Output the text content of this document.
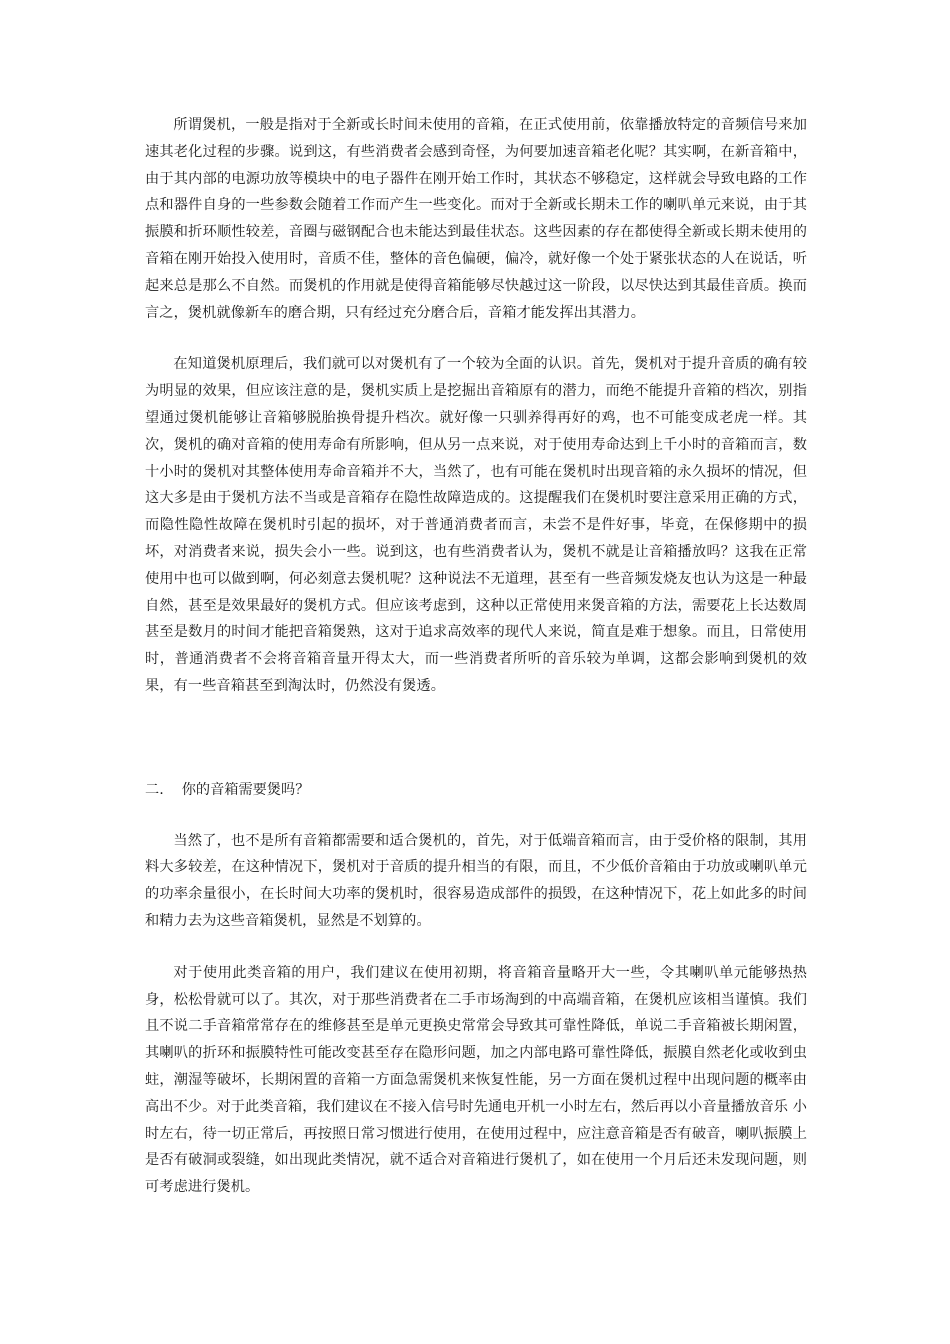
所谓煲机，一般是指对于全新或长时间未使用的音箱，在正式使用前，依靠播放特定的音频信号来加速其老化过程的步骤。说到这，有些消费者会感到奇怪，为何要加速音箱老化呢？其实啊，在新音箱中，由于其内部的电源功放等模块中的电子器件在刚开始工作时，其状态不够稳定，这样就会导致电路的工作点和器件自身的一些参数会随着工作而产生一些变化。而对于全新或长期未工作的喇叭单元来说，由于其振膜和折环顺性较差，音圈与磁钢配合也未能达到最佳状态。这些因素的存在都使得全新或长期未使用的音箱在刚开始投入使用时，音质不佳，整体的音色偏硬，偏冷，就好像一个处于紧张状态的人在说话，听起来总是那么不自然。而煲机的作用就是使得音箱能够尽快越过这一阶段，以尽快达到其最佳音质。换而言之，煲机就像新车的磨合期，只有经过充分磨合后，音箱才能发挥出其潜力。

在知道煲机原理后，我们就可以对煲机有了一个较为全面的认识。首先，煲机对于提升音质的确有较为明显的效果，但应该注意的是，煲机实质上是挖掘出音箱原有的潜力，而绝不能提升音箱的档次，别指望通过煲机能够让音箱够脱胎换骨提升档次。就好像一只驯养得再好的鸡，也不可能变成老虎一样。其次，煲机的确对音箱的使用寿命有所影响，但从另一点来说，对于使用寿命达到上千小时的音箱而言，数十小时的煲机对其整体使用寿命音箱并不大，当然了，也有可能在煲机时出现音箱的永久损坏的情况，但这大多是由于煲机方法不当或是音箱存在隐性故障造成的。这提醒我们在煲机时要注意采用正确的方式，而隐性隐性故障在煲机时引起的损坏，对于普通消费者而言，未尝不是件好事，毕竟，在保修期中的损坏，对消费者来说，损失会小一些。说到这，也有些消费者认为，煲机不就是让音箱播放吗？这我在正常使用中也可以做到啊，何必刻意去煲机呢？这种说法不无道理，甚至有一些音频发烧友也认为这是一种最自然，甚至是效果最好的煲机方式。但应该考虑到，这种以正常使用来煲音箱的方法，需要花上长达数周甚至是数月的时间才能把音箱煲熟，这对于追求高效率的现代人来说，简直是难于想象。而且，日常使用时，普通消费者不会将音箱音量开得太大，而一些消费者所听的音乐较为单调，这都会影响到煲机的效果，有一些音箱甚至到淘汰时，仍然没有煲透。

二.    你的音箱需要煲吗？

当然了，也不是所有音箱都需要和适合煲机的，首先，对于低端音箱而言，由于受价格的限制，其用料大多较差，在这种情况下，煲机对于音质的提升相当的有限，而且，不少低价音箱由于功放或喇叭单元的功率余量很小，在长时间大功率的煲机时，很容易造成部件的损毁，在这种情况下，花上如此多的时间和精力去为这些音箱煲机，显然是不划算的。

对于使用此类音箱的用户，我们建议在使用初期，将音箱音量略开大一些，令其喇叭单元能够热热身，松松骨就可以了。其次，对于那些消费者在二手市场淘到的中高端音箱，在煲机应该相当谨慎。我们且不说二手音箱常常存在的维修甚至是单元更换史常常会导致其可靠性降低，单说二手音箱被长期闲置，其喇叭的折环和振膜特性可能改变甚至存在隐形问题，加之内部电路可靠性降低，振膜自然老化或收到虫蛀，潮湿等破坏，长期闲置的音箱一方面急需煲机来恢复性能，另一方面在煲机过程中出现问题的概率由高出不少。对于此类音箱，我们建议在不接入信号时先通电开机一小时左右，然后再以小音量播放音乐 小时左右，待一切正常后，再按照日常习惯进行使用，在使用过程中，应注意音箱是否有破音，喇叭振膜上是否有破洞或裂缝，如出现此类情况，就不适合对音箱进行煲机了，如在使用一个月后还未发现问题，则可考虑进行煲机。
